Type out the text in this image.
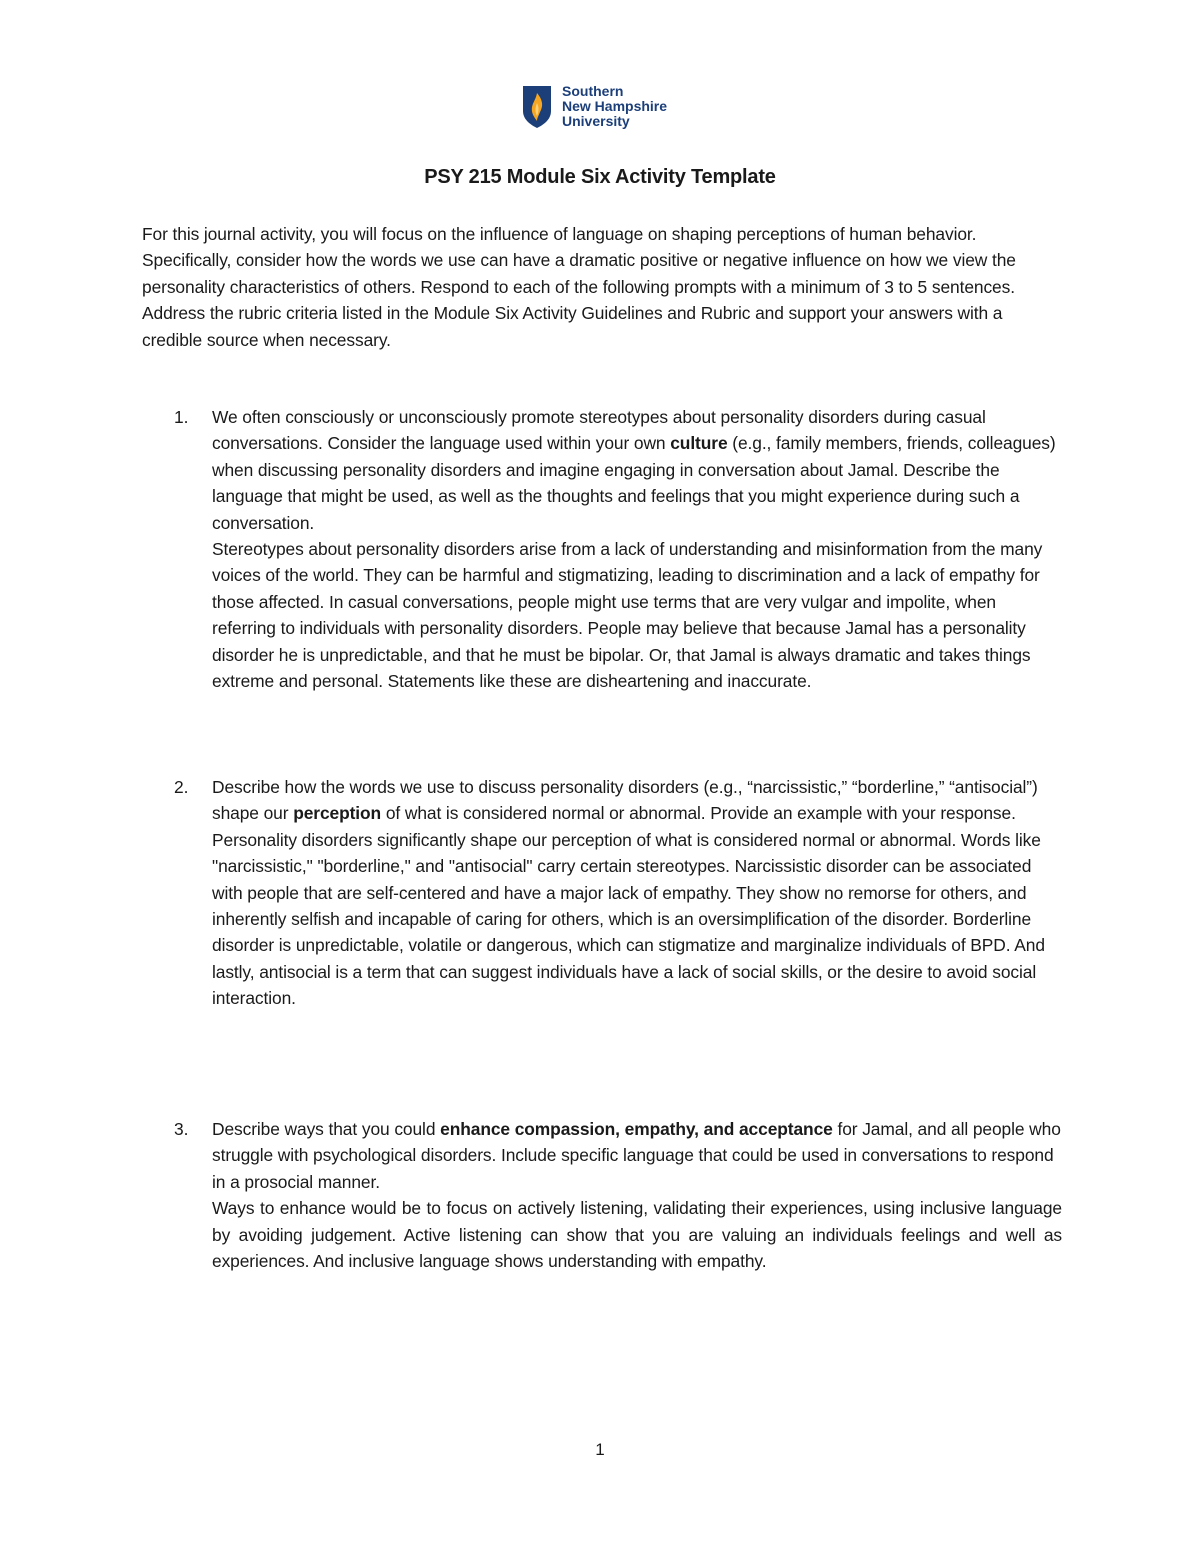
Southern
New Hampshire
University
PSY 215 Module Six Activity Template
For this journal activity, you will focus on the influence of language on shaping perceptions of human behavior. Specifically, consider how the words we use can have a dramatic positive or negative influence on how we view the personality characteristics of others. Respond to each of the following prompts with a minimum of 3 to 5 sentences. Address the rubric criteria listed in the Module Six Activity Guidelines and Rubric and support your answers with a credible source when necessary.
1. We often consciously or unconsciously promote stereotypes about personality disorders during casual conversations. Consider the language used within your own culture (e.g., family members, friends, colleagues) when discussing personality disorders and imagine engaging in conversation about Jamal. Describe the language that might be used, as well as the thoughts and feelings that you might experience during such a conversation.

Stereotypes about personality disorders arise from a lack of understanding and misinformation from the many voices of the world. They can be harmful and stigmatizing, leading to discrimination and a lack of empathy for those affected. In casual conversations, people might use terms that are very vulgar and impolite, when referring to individuals with personality disorders. People may believe that because Jamal has a personality disorder he is unpredictable, and that he must be bipolar. Or, that Jamal is always dramatic and takes things extreme and personal. Statements like these are disheartening and inaccurate.

2. Describe how the words we use to discuss personality disorders (e.g., “narcissistic,” “borderline,” “antisocial”) shape our perception of what is considered normal or abnormal. Provide an example with your response.

Personality disorders significantly shape our perception of what is considered normal or abnormal. Words like "narcissistic," "borderline," and "antisocial" carry certain stereotypes. Narcissistic disorder can be associated with people that are self-centered and have a major lack of empathy. They show no remorse for others, and inherently selfish and incapable of caring for others, which is an oversimplification of the disorder. Borderline disorder is unpredictable, volatile or dangerous, which can stigmatize and marginalize individuals of BPD. And lastly, antisocial is a term that can suggest individuals have a lack of social skills, or the desire to avoid social interaction.

3. Describe ways that you could enhance compassion, empathy, and acceptance for Jamal, and all people who struggle with psychological disorders. Include specific language that could be used in conversations to respond in a prosocial manner.

Ways to enhance would be to focus on actively listening, validating their experiences, using inclusive language by avoiding judgement. Active listening can show that you are valuing an individuals feelings and well as experiences. And inclusive language shows understanding with empathy.

1
